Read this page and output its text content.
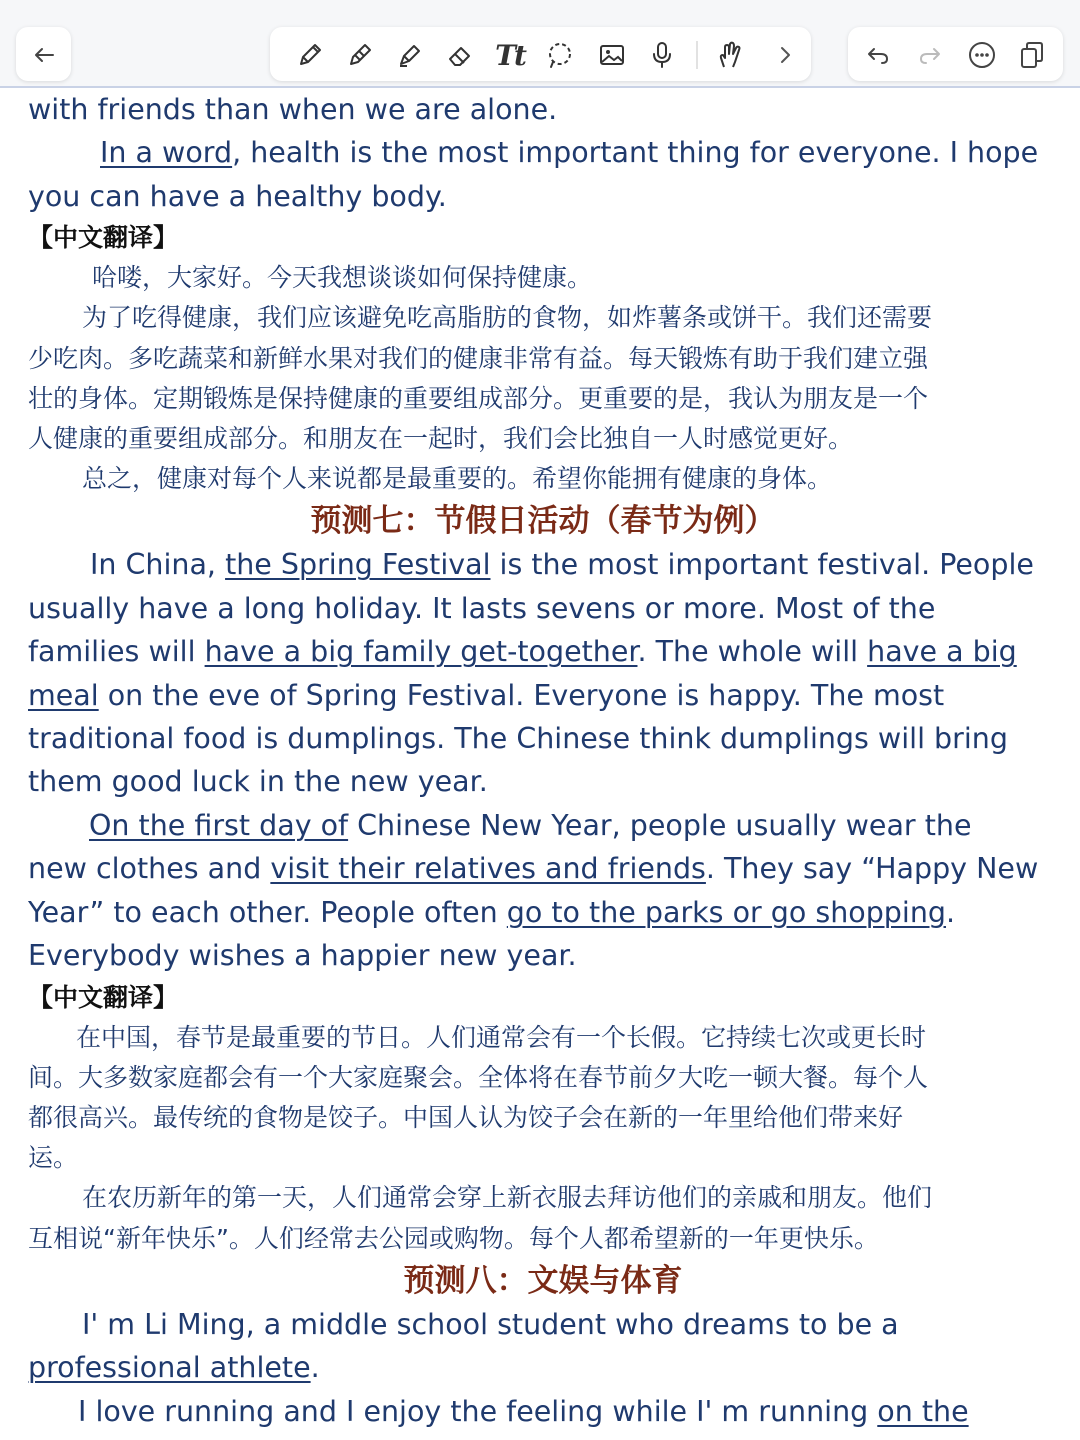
Tt

with friends than when we are alone.

In a word, health is the most important thing for everyone. I hope

you can have a healthy body.

【中文翻译】

哈喽，大家好。今天我想谈谈如何保持健康。

为了吃得健康，我们应该避免吃高脂肪的食物，如炸薯条或饼干。我们还需要

少吃肉。多吃蔬菜和新鲜水果对我们的健康非常有益。每天锻炼有助于我们建立强

壮的身体。定期锻炼是保持健康的重要组成部分。更重要的是，我认为朋友是一个

人健康的重要组成部分。和朋友在一起时，我们会比独自一人时感觉更好。

总之，健康对每个人来说都是最重要的。希望你能拥有健康的身体。

预测七：节假日活动（春节为例）

In China, the Spring Festival is the most important festival. People

usually have a long holiday. It lasts sevens or more. Most of the

families will have a big family get-together. The whole will have a big

meal on the eve of Spring Festival. Everyone is happy. The most

traditional food is dumplings. The Chinese think dumplings will bring

them good luck in the new year.

On the first day of Chinese New Year, people usually wear the

new clothes and visit their relatives and friends. They say “Happy New

Year” to each other. People often go to the parks or go shopping.

Everybody wishes a happier new year.

【中文翻译】

在中国，春节是最重要的节日。人们通常会有一个长假。它持续七次或更长时

间。大多数家庭都会有一个大家庭聚会。全体将在春节前夕大吃一顿大餐。每个人

都很高兴。最传统的食物是饺子。中国人认为饺子会在新的一年里给他们带来好

运。

在农历新年的第一天，人们通常会穿上新衣服去拜访他们的亲戚和朋友。他们

互相说“新年快乐”。人们经常去公园或购物。每个人都希望新的一年更快乐。

预测八：文娱与体育

I' m Li Ming, a middle school student who dreams to be a

professional athlete.

I love running and I enjoy the feeling while I' m running on the
